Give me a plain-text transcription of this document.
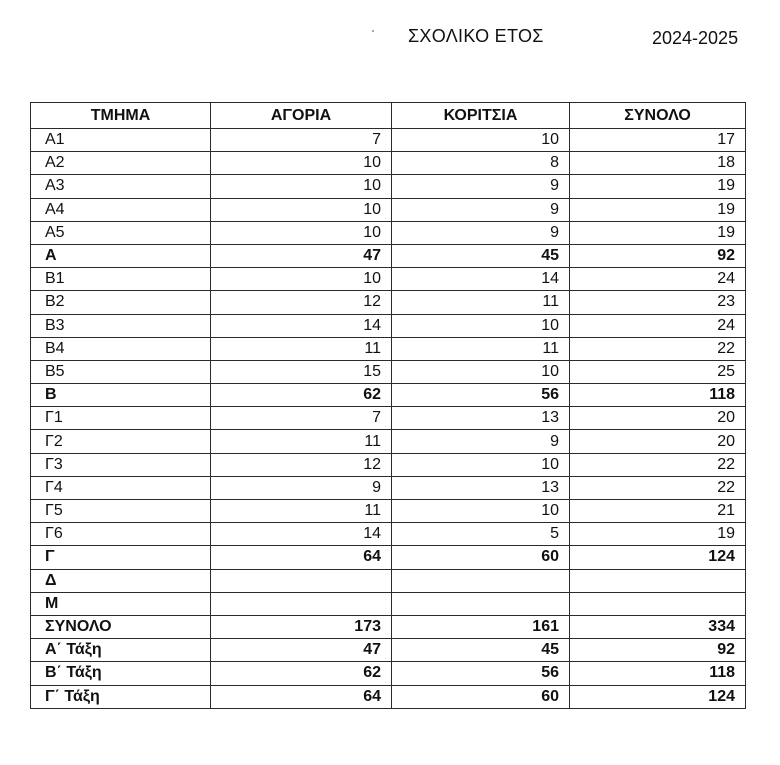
ΣΧΟΛΙΚΟ ΕΤΟΣ	2024-2025
ΤΜΗΜΑ	ΑΓΟΡΙΑ	ΚΟΡΙΤΣΙΑ	ΣΥΝΟΛΟ
Α1	7	10	17
Α2	10	8	18
Α3	10	9	19
Α4	10	9	19
Α5	10	9	19
Α	47	45	92
Β1	10	14	24
Β2	12	11	23
Β3	14	10	24
Β4	11	11	22
Β5	15	10	25
Β	62	56	118
Γ1	7	13	20
Γ2	11	9	20
Γ3	12	10	22
Γ4	9	13	22
Γ5	11	10	21
Γ6	14	5	19
Γ	64	60	124
Δ			
Μ			
ΣΥΝΟΛΟ	173	161	334
Α΄ Τάξη	47	45	92
Β΄ Τάξη	62	56	118
Γ΄ Τάξη	64	60	124
